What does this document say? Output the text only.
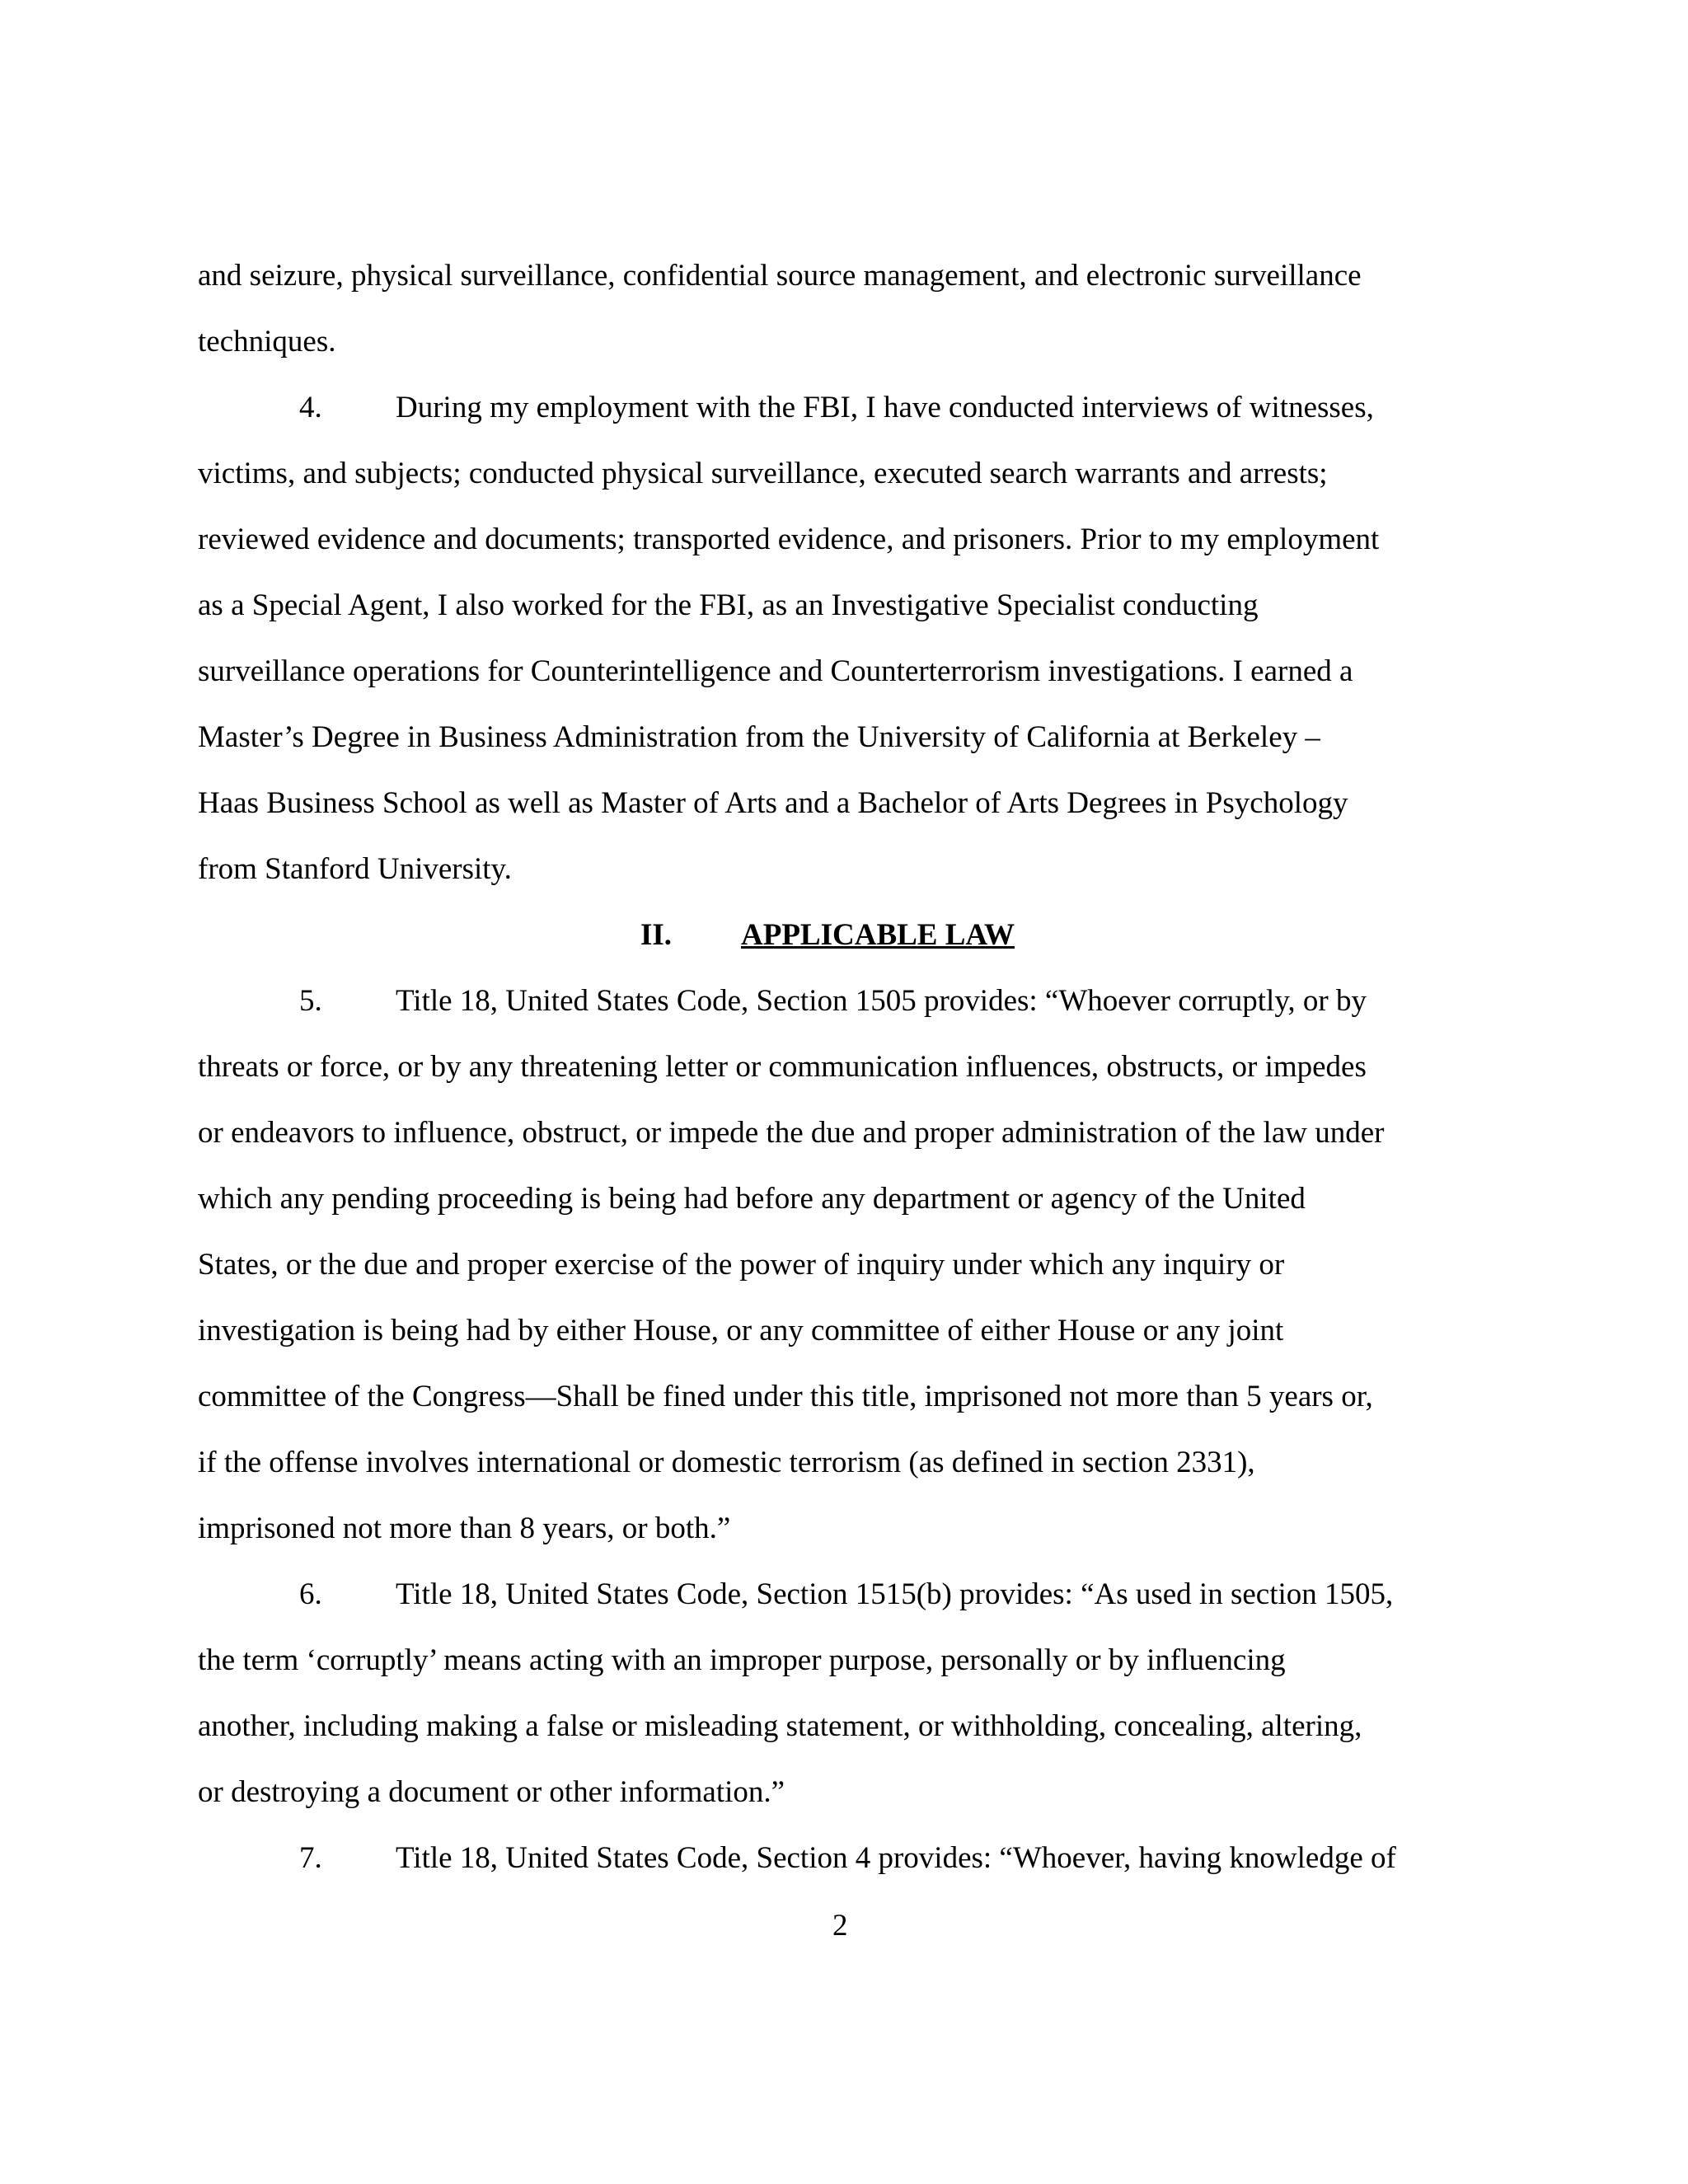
and seizure, physical surveillance, confidential source management, and electronic surveillance
techniques.
4. During my employment with the FBI, I have conducted interviews of witnesses,
victims, and subjects; conducted physical surveillance, executed search warrants and arrests;
reviewed evidence and documents; transported evidence, and prisoners. Prior to my employment
as a Special Agent, I also worked for the FBI, as an Investigative Specialist conducting
surveillance operations for Counterintelligence and Counterterrorism investigations. I earned a
Master’s Degree in Business Administration from the University of California at Berkeley –
Haas Business School as well as Master of Arts and a Bachelor of Arts Degrees in Psychology
from Stanford University.
II. APPLICABLE LAW
5. Title 18, United States Code, Section 1505 provides: “Whoever corruptly, or by
threats or force, or by any threatening letter or communication influences, obstructs, or impedes
or endeavors to influence, obstruct, or impede the due and proper administration of the law under
which any pending proceeding is being had before any department or agency of the United
States, or the due and proper exercise of the power of inquiry under which any inquiry or
investigation is being had by either House, or any committee of either House or any joint
committee of the Congress—Shall be fined under this title, imprisoned not more than 5 years or,
if the offense involves international or domestic terrorism (as defined in section 2331),
imprisoned not more than 8 years, or both.”
6. Title 18, United States Code, Section 1515(b) provides: “As used in section 1505,
the term ‘corruptly’ means acting with an improper purpose, personally or by influencing
another, including making a false or misleading statement, or withholding, concealing, altering,
or destroying a document or other information.”
7. Title 18, United States Code, Section 4 provides: “Whoever, having knowledge of
2
